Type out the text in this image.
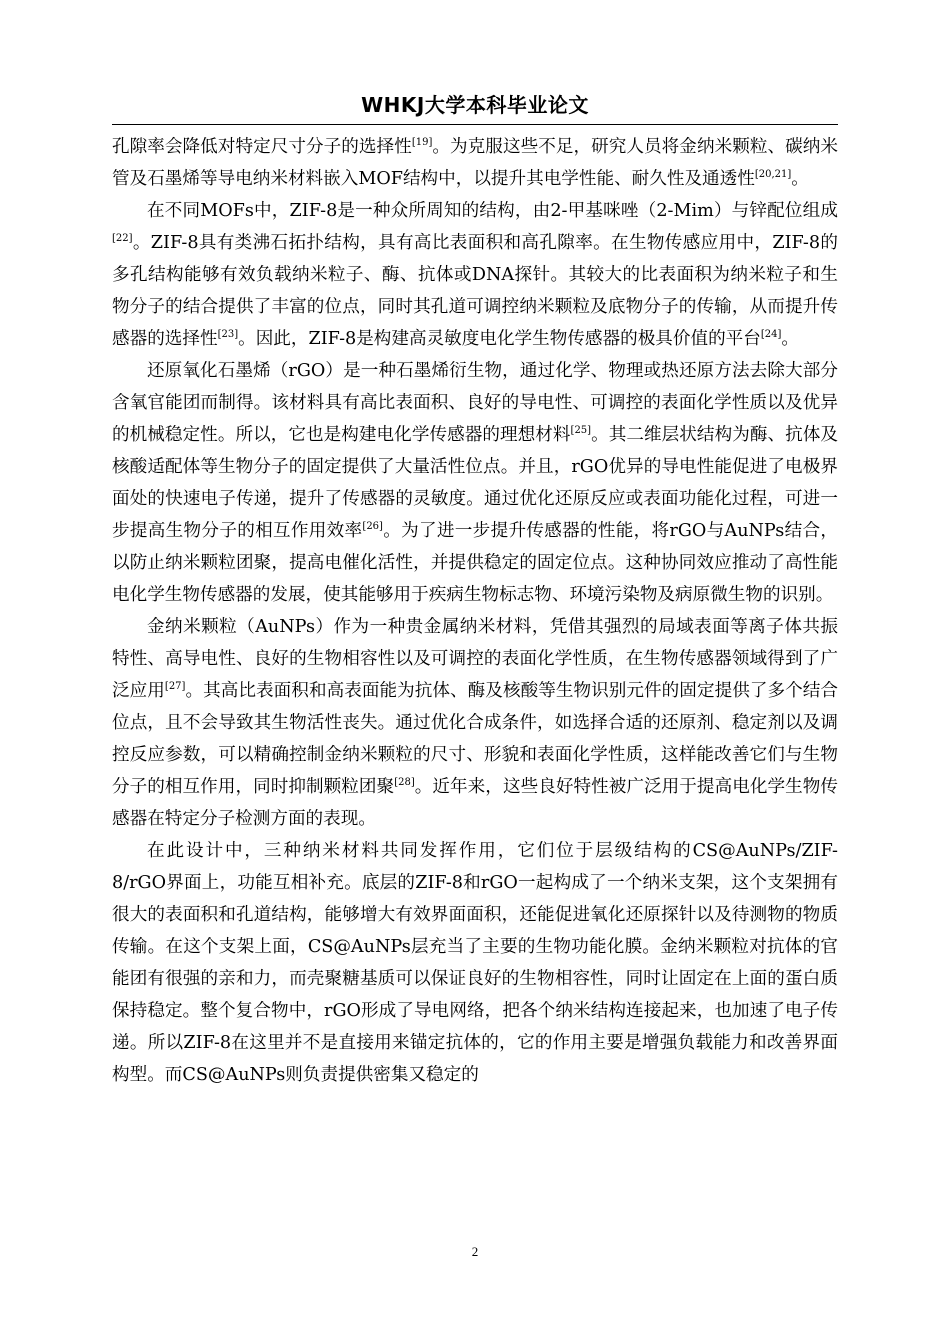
WHKJ大学本科毕业论文

孔隙率会降低对特定尺寸分子的选择性[19]。为克服这些不足，研究人员将金纳米颗粒、碳纳米管及石墨烯等导电纳米材料嵌入MOF结构中，以提升其电学性能、耐久性及通透性[20,21]。

在不同MOFs中，ZIF-8是一种众所周知的结构，由2-甲基咪唑（2-Mim）与锌配位组成[22]。ZIF-8具有类沸石拓扑结构，具有高比表面积和高孔隙率。在生物传感应用中，ZIF-8的多孔结构能够有效负载纳米粒子、酶、抗体或DNA探针。其较大的比表面积为纳米粒子和生物分子的结合提供了丰富的位点，同时其孔道可调控纳米颗粒及底物分子的传输，从而提升传感器的选择性[23]。因此，ZIF-8是构建高灵敏度电化学生物传感器的极具价值的平台[24]。

还原氧化石墨烯（rGO）是一种石墨烯衍生物，通过化学、物理或热还原方法去除大部分含氧官能团而制得。该材料具有高比表面积、良好的导电性、可调控的表面化学性质以及优异的机械稳定性。所以，它也是构建电化学传感器的理想材料[25]。其二维层状结构为酶、抗体及核酸适配体等生物分子的固定提供了大量活性位点。并且，rGO优异的导电性能促进了电极界面处的快速电子传递，提升了传感器的灵敏度。通过优化还原反应或表面功能化过程，可进一步提高生物分子的相互作用效率[26]。为了进一步提升传感器的性能，将rGO与AuNPs结合，以防止纳米颗粒团聚，提高电催化活性，并提供稳定的固定位点。这种协同效应推动了高性能电化学生物传感器的发展，使其能够用于疾病生物标志物、环境污染物及病原微生物的识别。

金纳米颗粒（AuNPs）作为一种贵金属纳米材料，凭借其强烈的局域表面等离子体共振特性、高导电性、良好的生物相容性以及可调控的表面化学性质，在生物传感器领域得到了广泛应用[27]。其高比表面积和高表面能为抗体、酶及核酸等生物识别元件的固定提供了多个结合位点，且不会导致其生物活性丧失。通过优化合成条件，如选择合适的还原剂、稳定剂以及调控反应参数，可以精确控制金纳米颗粒的尺寸、形貌和表面化学性质，这样能改善它们与生物分子的相互作用，同时抑制颗粒团聚[28]。近年来，这些良好特性被广泛用于提高电化学生物传感器在特定分子检测方面的表现。

在此设计中，三种纳米材料共同发挥作用，它们位于层级结构的CS@AuNPs/ZIF-8/rGO界面上，功能互相补充。底层的ZIF-8和rGO一起构成了一个纳米支架，这个支架拥有很大的表面积和孔道结构，能够增大有效界面面积，还能促进氧化还原探针以及待测物的物质传输。在这个支架上面，CS@AuNPs层充当了主要的生物功能化膜。金纳米颗粒对抗体的官能团有很强的亲和力，而壳聚糖基质可以保证良好的生物相容性，同时让固定在上面的蛋白质保持稳定。整个复合物中，rGO形成了导电网络，把各个纳米结构连接起来，也加速了电子传递。所以ZIF-8在这里并不是直接用来锚定抗体的，它的作用主要是增强负载能力和改善界面构型。而CS@AuNPs则负责提供密集又稳定的

2
